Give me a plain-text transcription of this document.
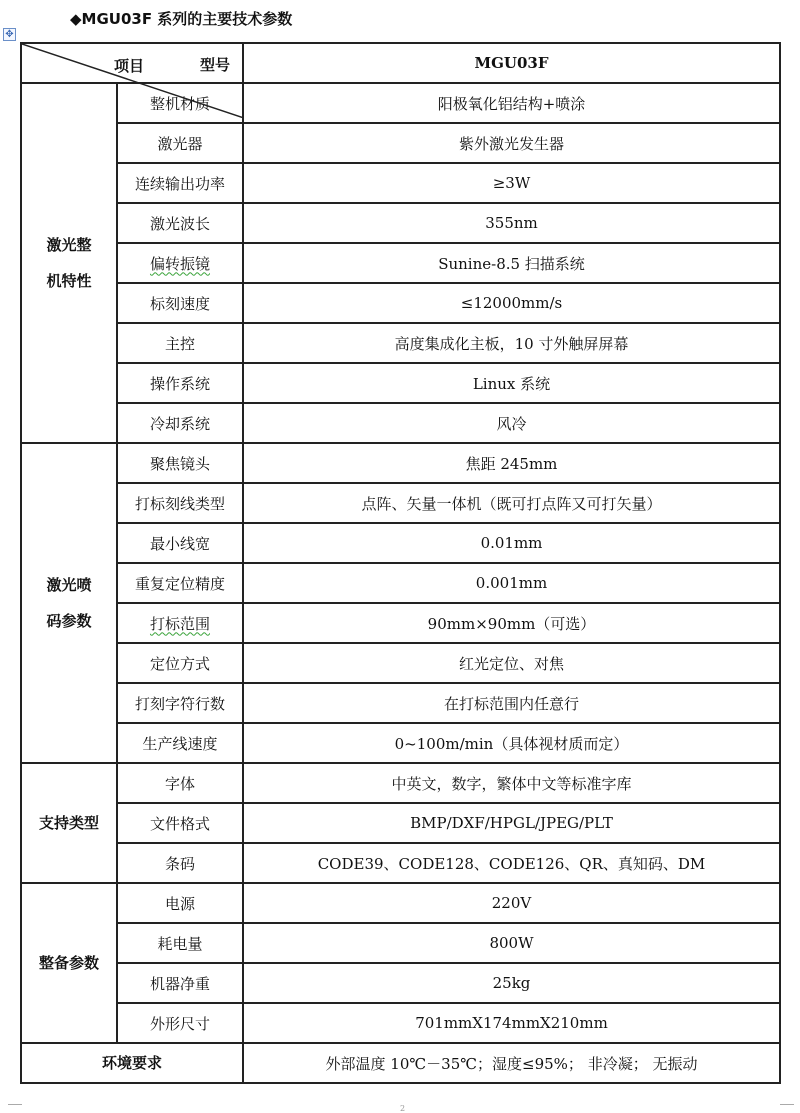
◆MGU03F 系列的主要技术参数
✥
型号
项目		MGU03F
激光整
机特性	整机材质	阳极氧化铝结构+喷涂
	激光器	紫外激光发生器
	连续输出功率	≥3W
	激光波长	355nm
	偏转振镜	Sunine-8.5 扫描系统
	标刻速度	≤12000mm/s
	主控	高度集成化主板，10 寸外触屏屏幕
	操作系统	Linux 系统
	冷却系统	风冷
激光喷
码参数	聚焦镜头	焦距 245mm
	打标刻线类型	点阵、矢量一体机（既可打点阵又可打矢量）
	最小线宽	0.01mm
	重复定位精度	0.001mm
	打标范围	90mm×90mm（可选）
	定位方式	红光定位、对焦
	打刻字符行数	在打标范围内任意行
	生产线速度	0~100m/min（具体视材质而定）
支持类型	字体	中英文，数字，繁体中文等标准字库
	文件格式	BMP/DXF/HPGL/JPEG/PLT
	条码	CODE39、CODE128、CODE126、QR、真知码、DM
整备参数	电源	220V
	耗电量	800W
	机器净重	25kg
	外形尺寸	701mmX174mmX210mm
环境要求		外部温度 10℃－35℃；湿度≤95%； 非冷凝； 无振动
2
